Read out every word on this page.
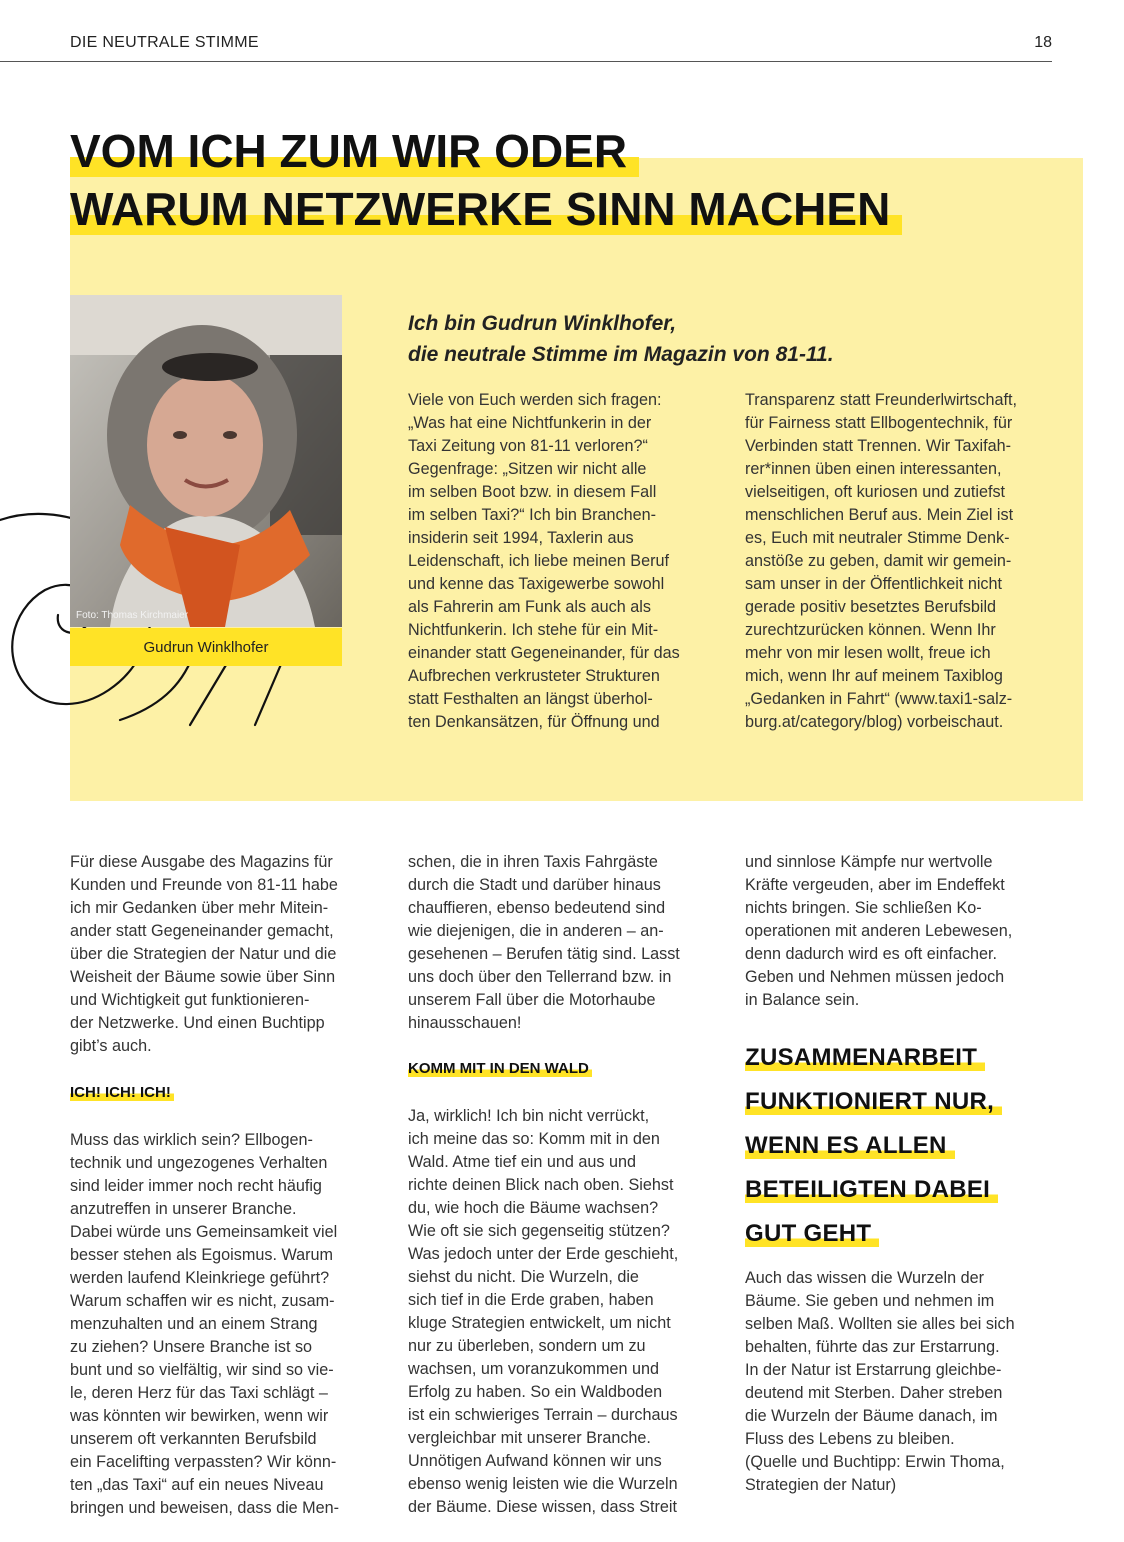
DIE NEUTRALE STIMME	18
VOM ICH ZUM WIR ODER
WARUM NETZWERKE SINN MACHEN
Foto: Thomas Kirchmaier
Gudrun Winklhofer

Ich bin Gudrun Winklhofer,
die neutrale Stimme im Magazin von 81-11.

Viele von Euch werden sich fragen:
„Was hat eine Nichtfunkerin in der
Taxi Zeitung von 81-11 verloren?“
Gegenfrage: „Sitzen wir nicht alle
im selben Boot bzw. in diesem Fall
im selben Taxi?“ Ich bin Branchen-
insiderin seit 1994, Taxlerin aus
Leidenschaft, ich liebe meinen Beruf
und kenne das Taxigewerbe sowohl
als Fahrerin am Funk als auch als
Nichtfunkerin. Ich stehe für ein Mit-
einander statt Gegeneinander, für das
Aufbrechen verkrusteter Strukturen
statt Festhalten an längst überhol-
ten Denkansätzen, für Öffnung und
Transparenz statt Freunderlwirtschaft,
für Fairness statt Ellbogentechnik, für
Verbinden statt Trennen. Wir Taxifah-
rer*innen üben einen interessanten,
vielseitigen, oft kuriosen und zutiefst
menschlichen Beruf aus. Mein Ziel ist
es, Euch mit neutraler Stimme Denk-
anstöße zu geben, damit wir gemein-
sam unser in der Öffentlichkeit nicht
gerade positiv besetztes Berufsbild
zurechtzurücken können. Wenn Ihr
mehr von mir lesen wollt, freue ich
mich, wenn Ihr auf meinem Taxiblog
„Gedanken in Fahrt“ (www.taxi1-salz-
burg.at/category/blog) vorbeischaut.
Für diese Ausgabe des Magazins für
Kunden und Freunde von 81-11 habe
ich mir Gedanken über mehr Mitein-
ander statt Gegeneinander gemacht,
über die Strategien der Natur und die
Weisheit der Bäume sowie über Sinn
und Wichtigkeit gut funktionieren-
der Netzwerke. Und einen Buchtipp
gibt’s auch.
ICH! ICH! ICH!
Muss das wirklich sein? Ellbogen-
technik und ungezogenes Verhalten
sind leider immer noch recht häufig
anzutreffen in unserer Branche.
Dabei würde uns Gemeinsamkeit viel
besser stehen als Egoismus. Warum
werden laufend Kleinkriege geführt?
Warum schaffen wir es nicht, zusam-
menzuhalten und an einem Strang
zu ziehen? Unsere Branche ist so
bunt und so vielfältig, wir sind so vie-
le, deren Herz für das Taxi schlägt –
was könnten wir bewirken, wenn wir
unserem oft verkannten Berufsbild
ein Facelifting verpassten? Wir könn-
ten „das Taxi“ auf ein neues Niveau
bringen und beweisen, dass die Men-
schen, die in ihren Taxis Fahrgäste
durch die Stadt und darüber hinaus
chauffieren, ebenso bedeutend sind
wie diejenigen, die in anderen – an-
gesehenen – Berufen tätig sind. Lasst
uns doch über den Tellerrand bzw. in
unserem Fall über die Motorhaube
hinausschauen!
KOMM MIT IN DEN WALD
Ja, wirklich! Ich bin nicht verrückt,
ich meine das so: Komm mit in den
Wald. Atme tief ein und aus und
richte deinen Blick nach oben. Siehst
du, wie hoch die Bäume wachsen?
Wie oft sie sich gegenseitig stützen?
Was jedoch unter der Erde geschieht,
siehst du nicht. Die Wurzeln, die
sich tief in die Erde graben, haben
kluge Strategien entwickelt, um nicht
nur zu überleben, sondern um zu
wachsen, um voranzukommen und
Erfolg zu haben. So ein Waldboden
ist ein schwieriges Terrain – durchaus
vergleichbar mit unserer Branche.
Unnötigen Aufwand können wir uns
ebenso wenig leisten wie die Wurzeln
der Bäume. Diese wissen, dass Streit
und sinnlose Kämpfe nur wertvolle
Kräfte vergeuden, aber im Endeffekt
nichts bringen. Sie schließen Ko-
operationen mit anderen Lebewesen,
denn dadurch wird es oft einfacher.
Geben und Nehmen müssen jedoch
in Balance sein.
ZUSAMMENARBEIT
FUNKTIONIERT NUR,
WENN ES ALLEN
BETEILIGTEN DABEI
GUT GEHT
Auch das wissen die Wurzeln der
Bäume. Sie geben und nehmen im
selben Maß. Wollten sie alles bei sich
behalten, führte das zur Erstarrung.
In der Natur ist Erstarrung gleichbe-
deutend mit Sterben. Daher streben
die Wurzeln der Bäume danach, im
Fluss des Lebens zu bleiben.
(Quelle und Buchtipp: Erwin Thoma,
Strategien der Natur)
